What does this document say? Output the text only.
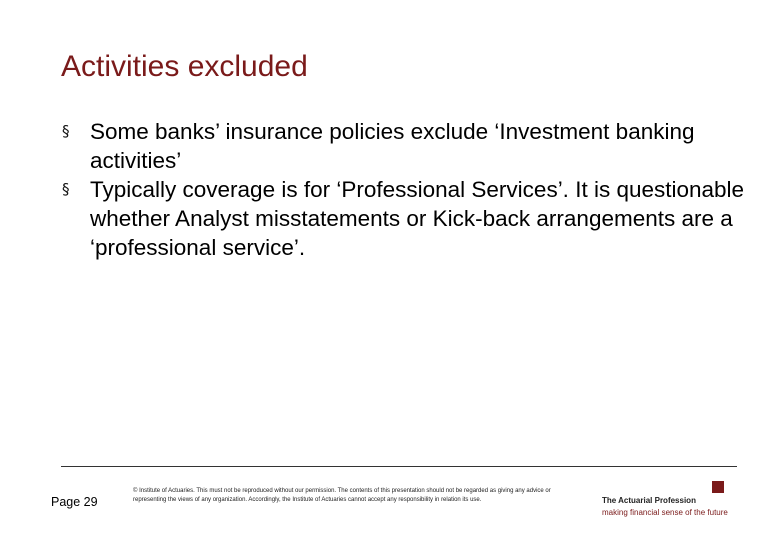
Activities excluded
§ Some banks’ insurance policies exclude ‘Investment banking activities’
§ Typically coverage is for ‘Professional Services’. It is questionable whether Analyst misstatements or Kick-back arrangements are a ‘professional service’.
Page 29
© Institute of Actuaries. This must not be reproduced without our permission. The contents of this presentation should not be regarded as giving any advice or representing the views of any organization. Accordingly, the Institute of Actuaries cannot accept any responsibility in relation its use.	The Actuarial Profession
making financial sense of the future
